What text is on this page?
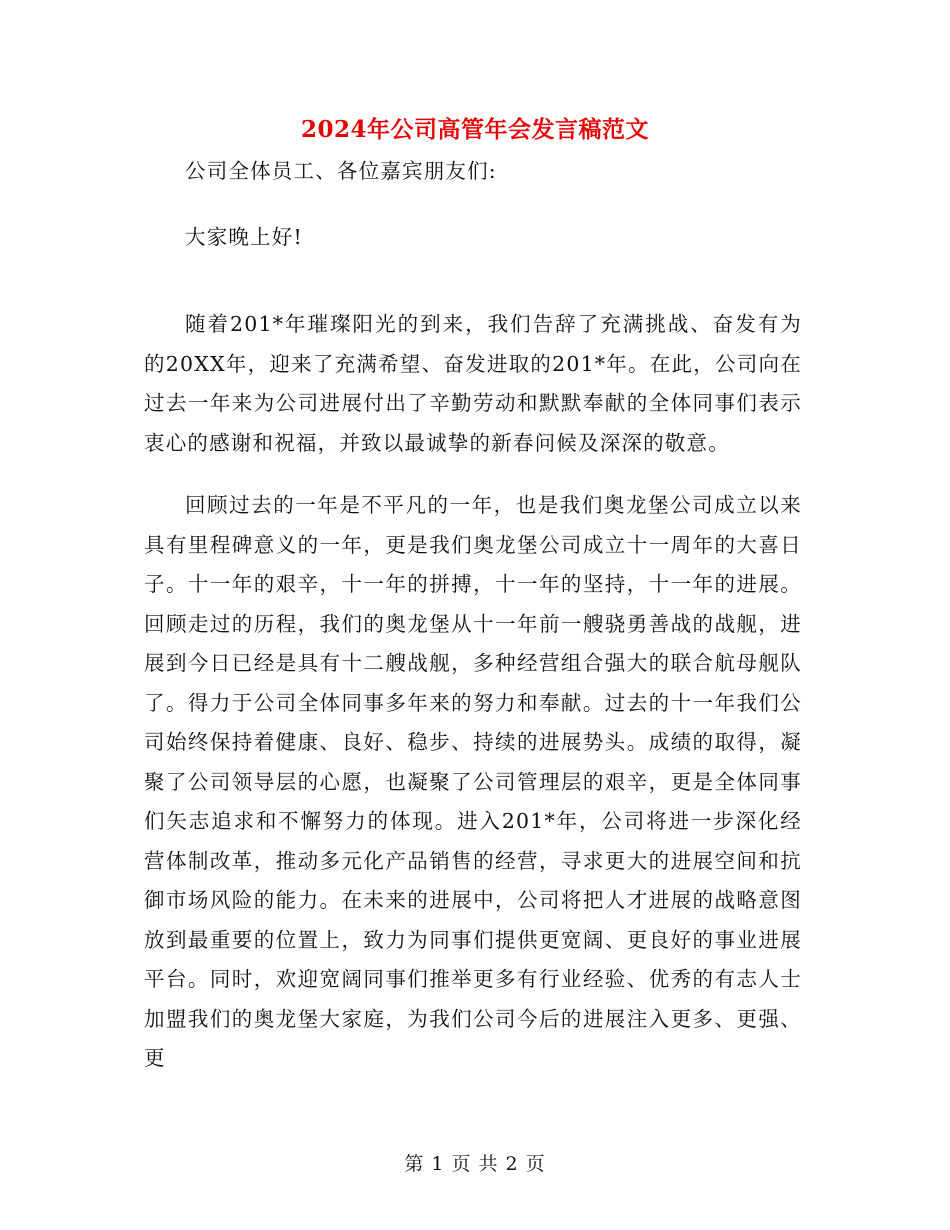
2024年公司高管年会发言稿范文

公司全体员工、各位嘉宾朋友们:

大家晚上好!

随着201*年璀璨阳光的到来，我们告辞了充满挑战、奋发有为的20XX年，迎来了充满希望、奋发进取的201*年。在此，公司向在过去一年来为公司进展付出了辛勤劳动和默默奉献的全体同事们表示衷心的感谢和祝福，并致以最诚挚的新春问候及深深的敬意。

回顾过去的一年是不平凡的一年，也是我们奥龙堡公司成立以来具有里程碑意义的一年，更是我们奥龙堡公司成立十一周年的大喜日子。十一年的艰辛，十一年的拼搏，十一年的坚持，十一年的进展。回顾走过的历程，我们的奥龙堡从十一年前一艘骁勇善战的战舰，进展到今日已经是具有十二艘战舰，多种经营组合强大的联合航母舰队了。得力于公司全体同事多年来的努力和奉献。过去的十一年我们公司始终保持着健康、良好、稳步、持续的进展势头。成绩的取得，凝聚了公司领导层的心愿，也凝聚了公司管理层的艰辛，更是全体同事们矢志追求和不懈努力的体现。进入201*年，公司将进一步深化经营体制改革，推动多元化产品销售的经营，寻求更大的进展空间和抗御市场风险的能力。在未来的进展中，公司将把人才进展的战略意图放到最重要的位置上，致力为同事们提供更宽阔、更良好的事业进展平台。同时，欢迎宽阔同事们推举更多有行业经验、优秀的有志人士加盟我们的奥龙堡大家庭，为我们公司今后的进展注入更多、更强、更

第 1 页 共 2 页
